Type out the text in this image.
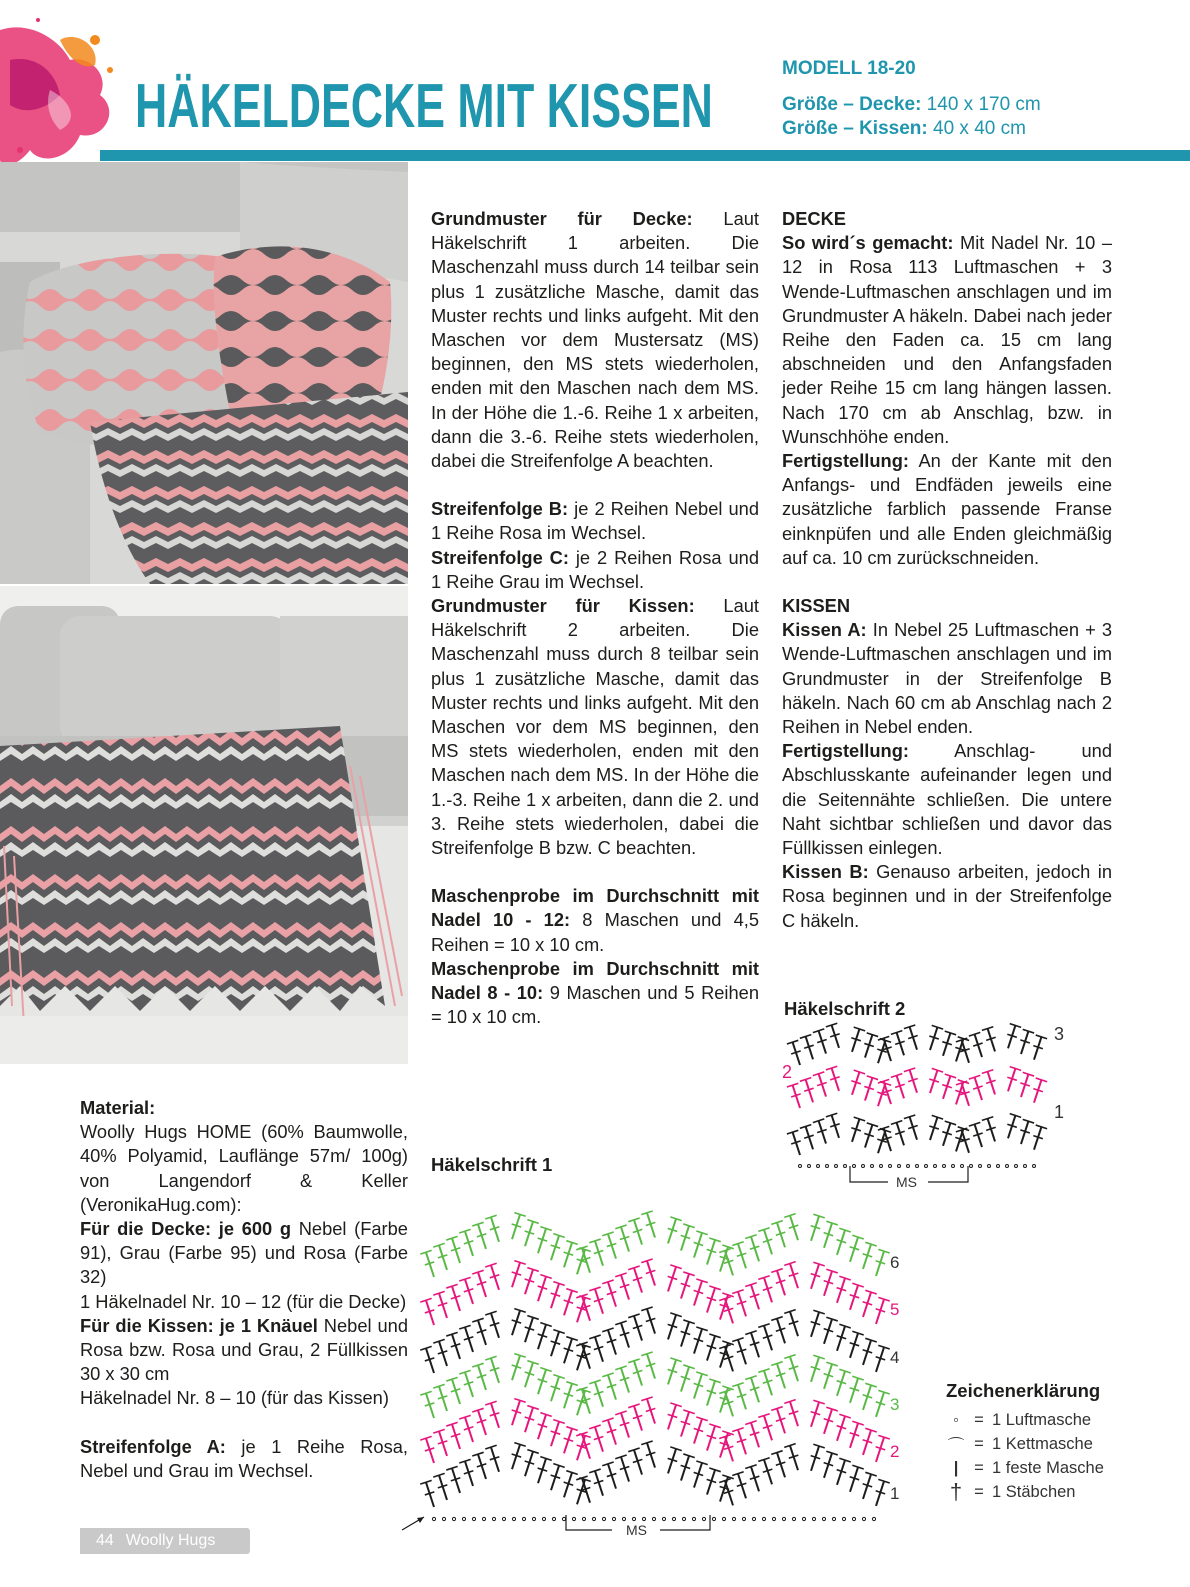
HÄKELDECKE MIT KISSEN
MODELL 18-20
Größe – Decke: 140 x 170 cm
Größe – Kissen: 40 x 40 cm

Grundmuster für Decke: Laut Häkelschrift 1 arbeiten. Die Maschenzahl muss durch 14 teilbar sein plus 1 zusätzliche Masche, damit das Muster rechts und links aufgeht. Mit den Maschen vor dem Mustersatz (MS) beginnen, den MS stets wiederholen, enden mit den Maschen nach dem MS. In der Höhe die 1.-6. Reihe 1 x arbeiten, dann die 3.-6. Reihe stets wiederholen, dabei die Streifenfolge A beachten.

Streifenfolge B: je 2 Reihen Nebel und 1 Reihe Rosa im Wechsel.

Streifenfolge C: je 2 Reihen Rosa und 1 Reihe Grau im Wechsel.

Grundmuster für Kissen: Laut Häkelschrift 2 arbeiten. Die Maschenzahl muss durch 8 teilbar sein plus 1 zusätzliche Masche, damit das Muster rechts und links aufgeht. Mit den Maschen vor dem MS beginnen, den MS stets wiederholen, enden mit den Maschen nach dem MS. In der Höhe die 1.-3. Reihe 1 x arbeiten, dann die 2. und 3. Reihe stets wiederholen, dabei die Streifenfolge B bzw. C beachten.

Maschenprobe im Durchschnitt mit Nadel 10 - 12: 8 Maschen und 4,5 Reihen = 10 x 10 cm.

Maschenprobe im Durchschnitt mit Nadel 8 - 10: 9 Maschen und 5 Reihen = 10 x 10 cm.

DECKE

So wird´s gemacht: Mit Nadel Nr. 10 – 12 in Rosa 113 Luftmaschen + 3 Wende-Luftmaschen anschlagen und im Grundmuster A häkeln. Dabei nach jeder Reihe den Faden ca. 15 cm lang abschneiden und den Anfangsfaden jeder Reihe 15 cm lang hängen lassen. Nach 170 cm ab Anschlag, bzw. in Wunschhöhe enden.

Fertigstellung: An der Kante mit den Anfangs- und Endfäden jeweils eine zusätzliche farblich passende Franse einknpüfen und alle Enden gleichmäßig auf ca. 10 cm zurückschneiden.

KISSEN

Kissen A: In Nebel 25 Luftmaschen + 3 Wende-Luftmaschen anschlagen und im Grundmuster in der Streifenfolge B häkeln. Nach 60 cm ab Anschlag nach 2 Reihen in Nebel enden.

Fertigstellung: Anschlag- und Abschlusskante aufeinander legen und die Seitennähte schließen. Die untere Naht sichtbar schließen und davor das Füllkissen einlegen.

Kissen B: Genauso arbeiten, jedoch in Rosa beginnen und in der Streifenfolge C häkeln.

Material:

Woolly Hugs HOME (60% Baumwolle, 40% Polyamid, Lauflänge 57m/ 100g) von Langendorf & Keller (VeronikaHug.com):

Für die Decke: je 600 g Nebel (Farbe 91), Grau (Farbe 95) und Rosa (Farbe 32)

1 Häkelnadel Nr. 10 – 12 (für die Decke)

Für die Kissen: je 1 Knäuel Nebel und Rosa bzw. Rosa und Grau, 2 Füllkissen 30 x 30 cm

Häkelnadel Nr. 8 – 10 (für das Kissen)

Streifenfolge A: je 1 Reihe Rosa, Nebel und Grau im Wechsel.

Häkelschrift 2
3
2
1
MS
Häkelschrift 1
6
5
4
3
2
1
MS
Zeichenerklärung
◦ = 1 Luftmasche
⌒ = 1 Kettmasche
| = 1 feste Masche
† = 1 Stäbchen
44 Woolly Hugs
